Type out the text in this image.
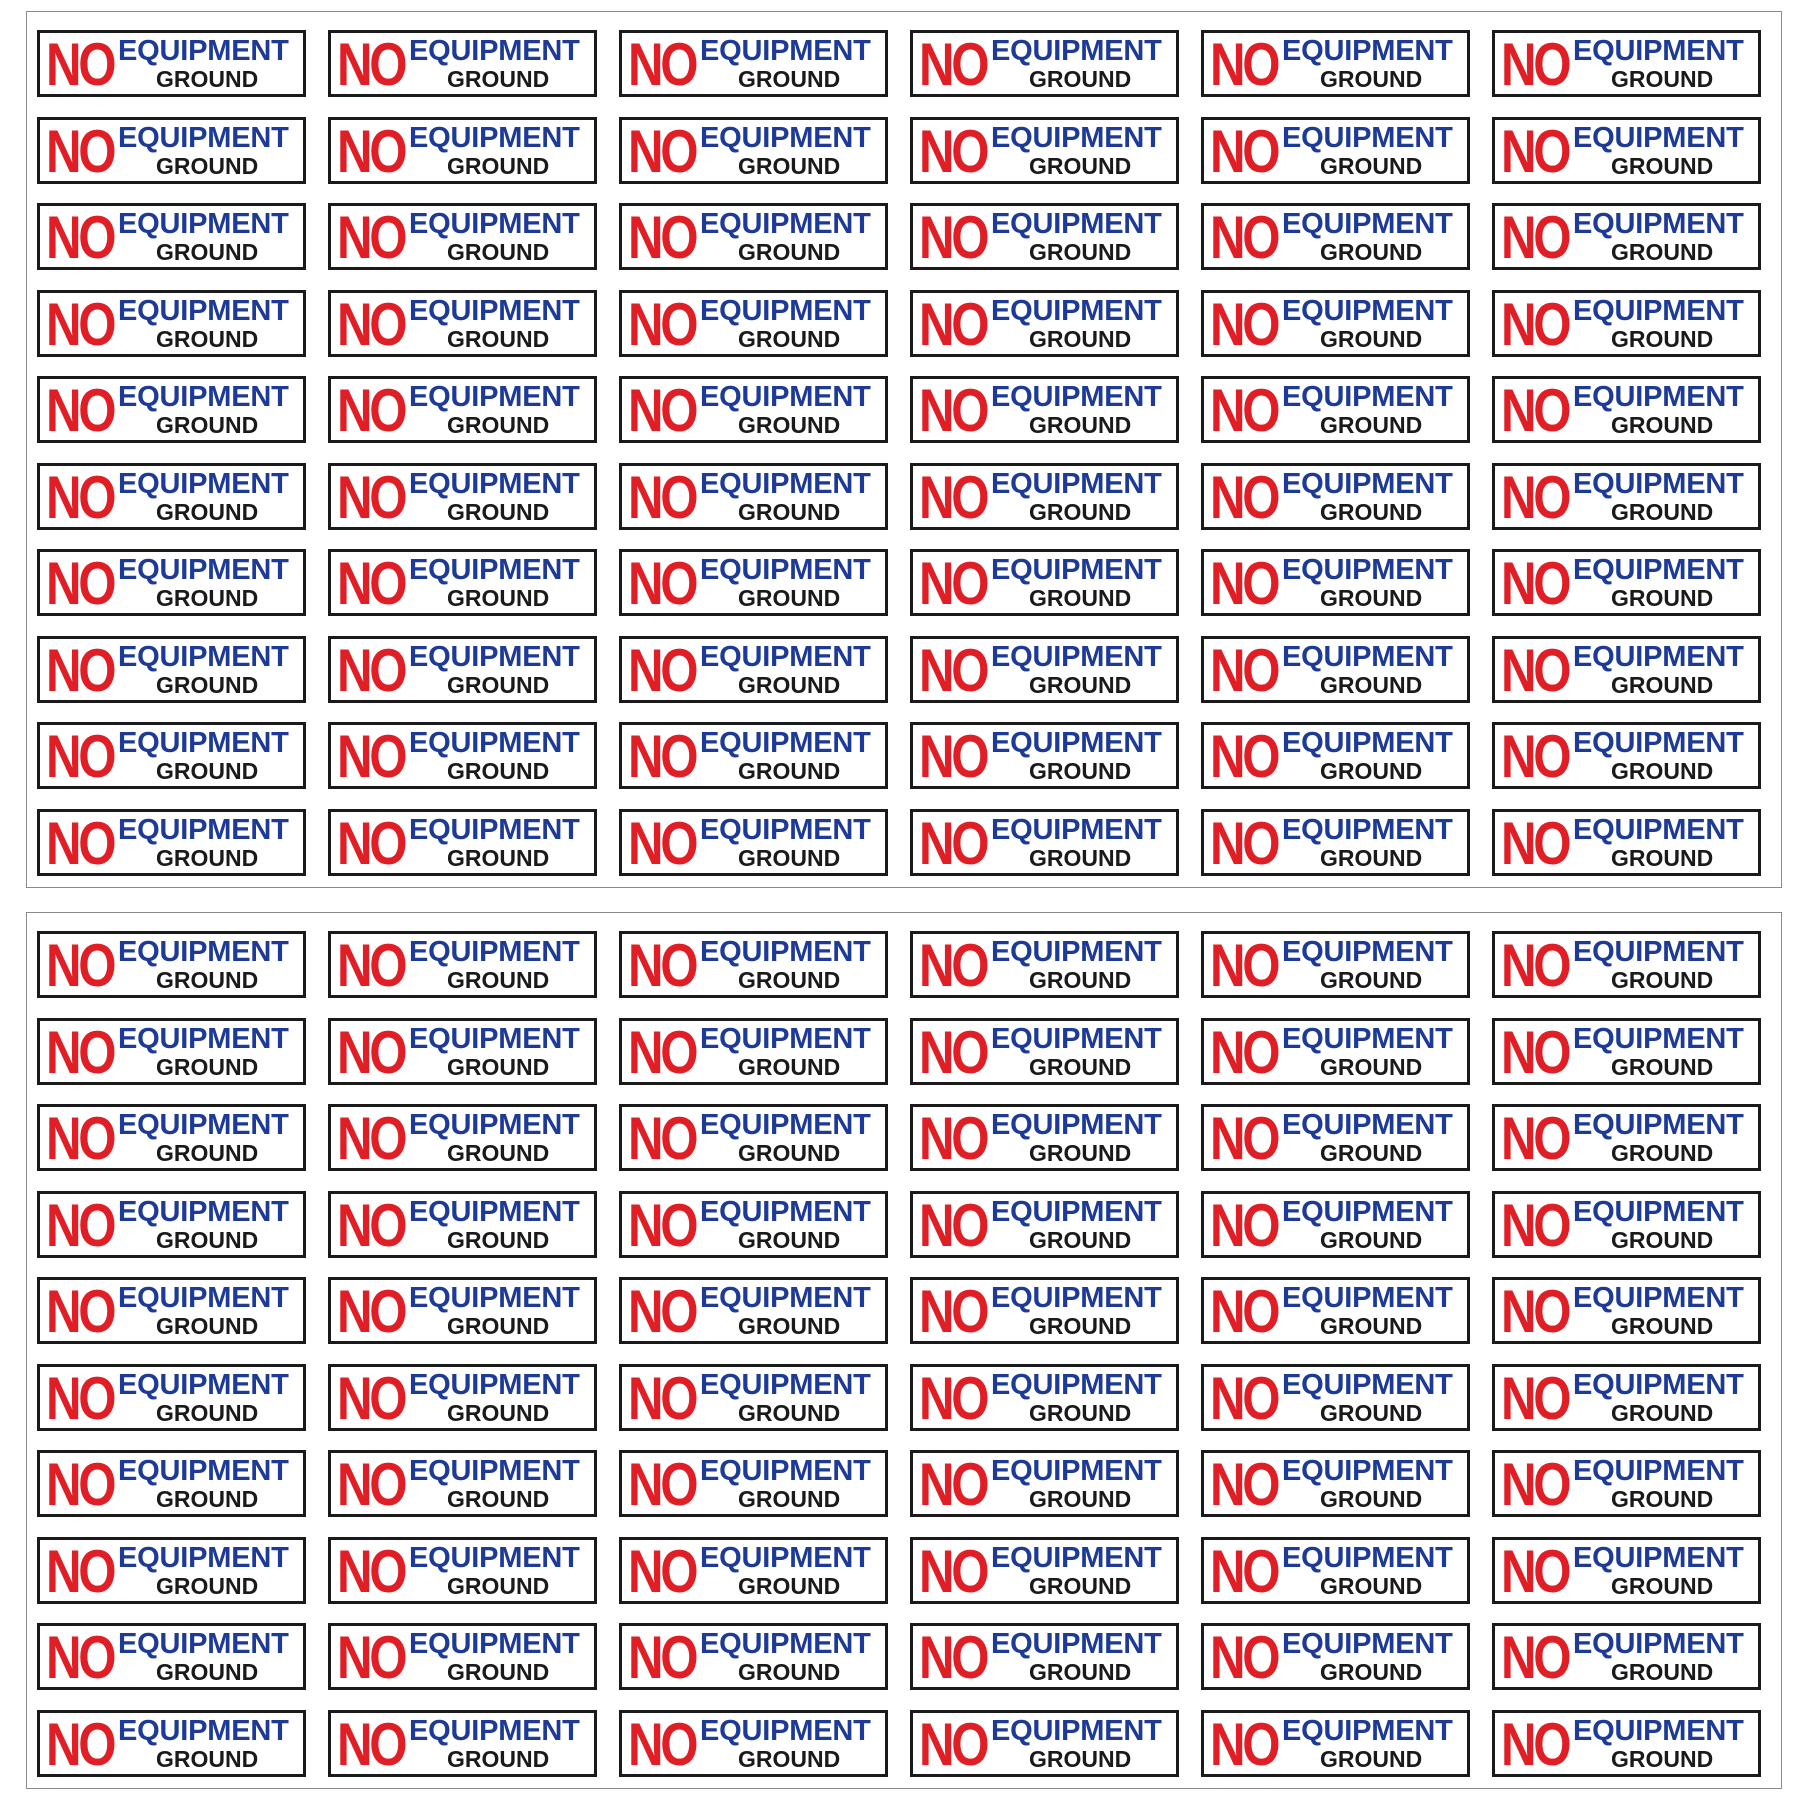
NO EQUIPMENT
GROUND NO EQUIPMENT
GROUND NO EQUIPMENT
GROUND NO EQUIPMENT
GROUND NO EQUIPMENT
GROUND NO EQUIPMENT
GROUND
NO EQUIPMENT
GROUND NO EQUIPMENT
GROUND NO EQUIPMENT
GROUND NO EQUIPMENT
GROUND NO EQUIPMENT
GROUND NO EQUIPMENT
GROUND
NO EQUIPMENT
GROUND NO EQUIPMENT
GROUND NO EQUIPMENT
GROUND NO EQUIPMENT
GROUND NO EQUIPMENT
GROUND NO EQUIPMENT
GROUND
NO EQUIPMENT
GROUND NO EQUIPMENT
GROUND NO EQUIPMENT
GROUND NO EQUIPMENT
GROUND NO EQUIPMENT
GROUND NO EQUIPMENT
GROUND
NO EQUIPMENT
GROUND NO EQUIPMENT
GROUND NO EQUIPMENT
GROUND NO EQUIPMENT
GROUND NO EQUIPMENT
GROUND NO EQUIPMENT
GROUND
NO EQUIPMENT
GROUND NO EQUIPMENT
GROUND NO EQUIPMENT
GROUND NO EQUIPMENT
GROUND NO EQUIPMENT
GROUND NO EQUIPMENT
GROUND
NO EQUIPMENT
GROUND NO EQUIPMENT
GROUND NO EQUIPMENT
GROUND NO EQUIPMENT
GROUND NO EQUIPMENT
GROUND NO EQUIPMENT
GROUND
NO EQUIPMENT
GROUND NO EQUIPMENT
GROUND NO EQUIPMENT
GROUND NO EQUIPMENT
GROUND NO EQUIPMENT
GROUND NO EQUIPMENT
GROUND
NO EQUIPMENT
GROUND NO EQUIPMENT
GROUND NO EQUIPMENT
GROUND NO EQUIPMENT
GROUND NO EQUIPMENT
GROUND NO EQUIPMENT
GROUND
NO EQUIPMENT
GROUND NO EQUIPMENT
GROUND NO EQUIPMENT
GROUND NO EQUIPMENT
GROUND NO EQUIPMENT
GROUND NO EQUIPMENT
GROUND
NO EQUIPMENT
GROUND NO EQUIPMENT
GROUND NO EQUIPMENT
GROUND NO EQUIPMENT
GROUND NO EQUIPMENT
GROUND NO EQUIPMENT
GROUND
NO EQUIPMENT
GROUND NO EQUIPMENT
GROUND NO EQUIPMENT
GROUND NO EQUIPMENT
GROUND NO EQUIPMENT
GROUND NO EQUIPMENT
GROUND
NO EQUIPMENT
GROUND NO EQUIPMENT
GROUND NO EQUIPMENT
GROUND NO EQUIPMENT
GROUND NO EQUIPMENT
GROUND NO EQUIPMENT
GROUND
NO EQUIPMENT
GROUND NO EQUIPMENT
GROUND NO EQUIPMENT
GROUND NO EQUIPMENT
GROUND NO EQUIPMENT
GROUND NO EQUIPMENT
GROUND
NO EQUIPMENT
GROUND NO EQUIPMENT
GROUND NO EQUIPMENT
GROUND NO EQUIPMENT
GROUND NO EQUIPMENT
GROUND NO EQUIPMENT
GROUND
NO EQUIPMENT
GROUND NO EQUIPMENT
GROUND NO EQUIPMENT
GROUND NO EQUIPMENT
GROUND NO EQUIPMENT
GROUND NO EQUIPMENT
GROUND
NO EQUIPMENT
GROUND NO EQUIPMENT
GROUND NO EQUIPMENT
GROUND NO EQUIPMENT
GROUND NO EQUIPMENT
GROUND NO EQUIPMENT
GROUND
NO EQUIPMENT
GROUND NO EQUIPMENT
GROUND NO EQUIPMENT
GROUND NO EQUIPMENT
GROUND NO EQUIPMENT
GROUND NO EQUIPMENT
GROUND
NO EQUIPMENT
GROUND NO EQUIPMENT
GROUND NO EQUIPMENT
GROUND NO EQUIPMENT
GROUND NO EQUIPMENT
GROUND NO EQUIPMENT
GROUND
NO EQUIPMENT
GROUND NO EQUIPMENT
GROUND NO EQUIPMENT
GROUND NO EQUIPMENT
GROUND NO EQUIPMENT
GROUND NO EQUIPMENT
GROUND
